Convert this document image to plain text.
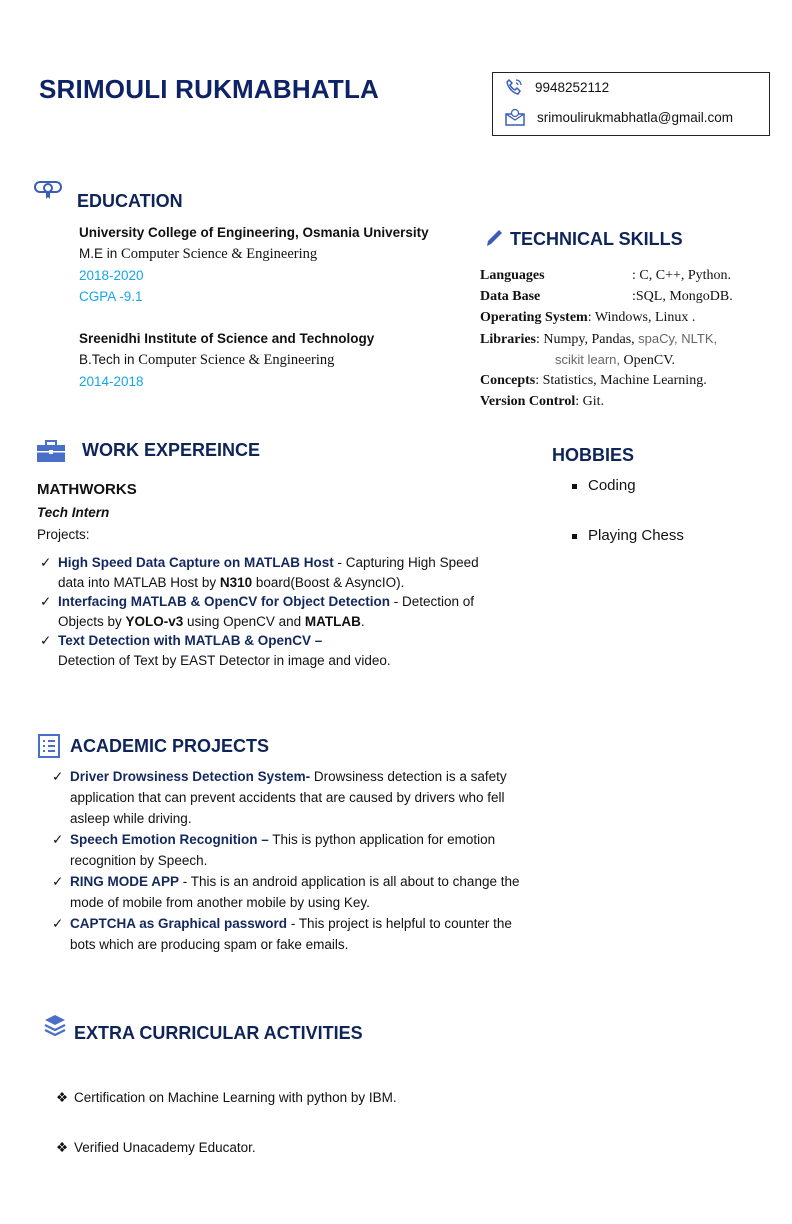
SRIMOULI RUKMABHATLA	9948252112
srimoulirukmabhatla@gmail.com
EDUCATION
University College of Engineering, Osmania University
M.E in Computer Science & Engineering
2018-2020
CGPA -9.1
Sreenidhi Institute of Science and Technology
B.Tech in Computer Science & Engineering
2014-2018
TECHNICAL SKILLS
Languages	: C, C++, Python.
Data Base	:SQL, MongoDB.
Operating System: Windows, Linux .
Libraries: Numpy, Pandas, spaCy, NLTK,
scikit learn, OpenCV.
Concepts: Statistics, Machine Learning.
Version Control: Git.
WORK EXPEREINCE
MATHWORKS
Tech Intern
Projects:
✓ High Speed Data Capture on MATLAB Host - Capturing High Speed data into MATLAB Host by N310 board(Boost & AsyncIO).
✓ Interfacing MATLAB & OpenCV for Object Detection - Detection of Objects by YOLO-v3 using OpenCV and MATLAB.
✓ Text Detection with MATLAB & OpenCV –
Detection of Text by EAST Detector in image and video.
HOBBIES
Coding
Playing Chess
ACADEMIC PROJECTS
✓ Driver Drowsiness Detection System- Drowsiness detection is a safety application that can prevent accidents that are caused by drivers who fell asleep while driving.
✓ Speech Emotion Recognition – This is python application for emotion recognition by Speech.
✓ RING MODE APP - This is an android application is all about to change the mode of mobile from another mobile by using Key.
✓ CAPTCHA as Graphical password - This project is helpful to counter the bots which are producing spam or fake emails.
EXTRA CURRICULAR ACTIVITIES
❖ Certification on Machine Learning with python by IBM.
❖ Verified Unacademy Educator.
